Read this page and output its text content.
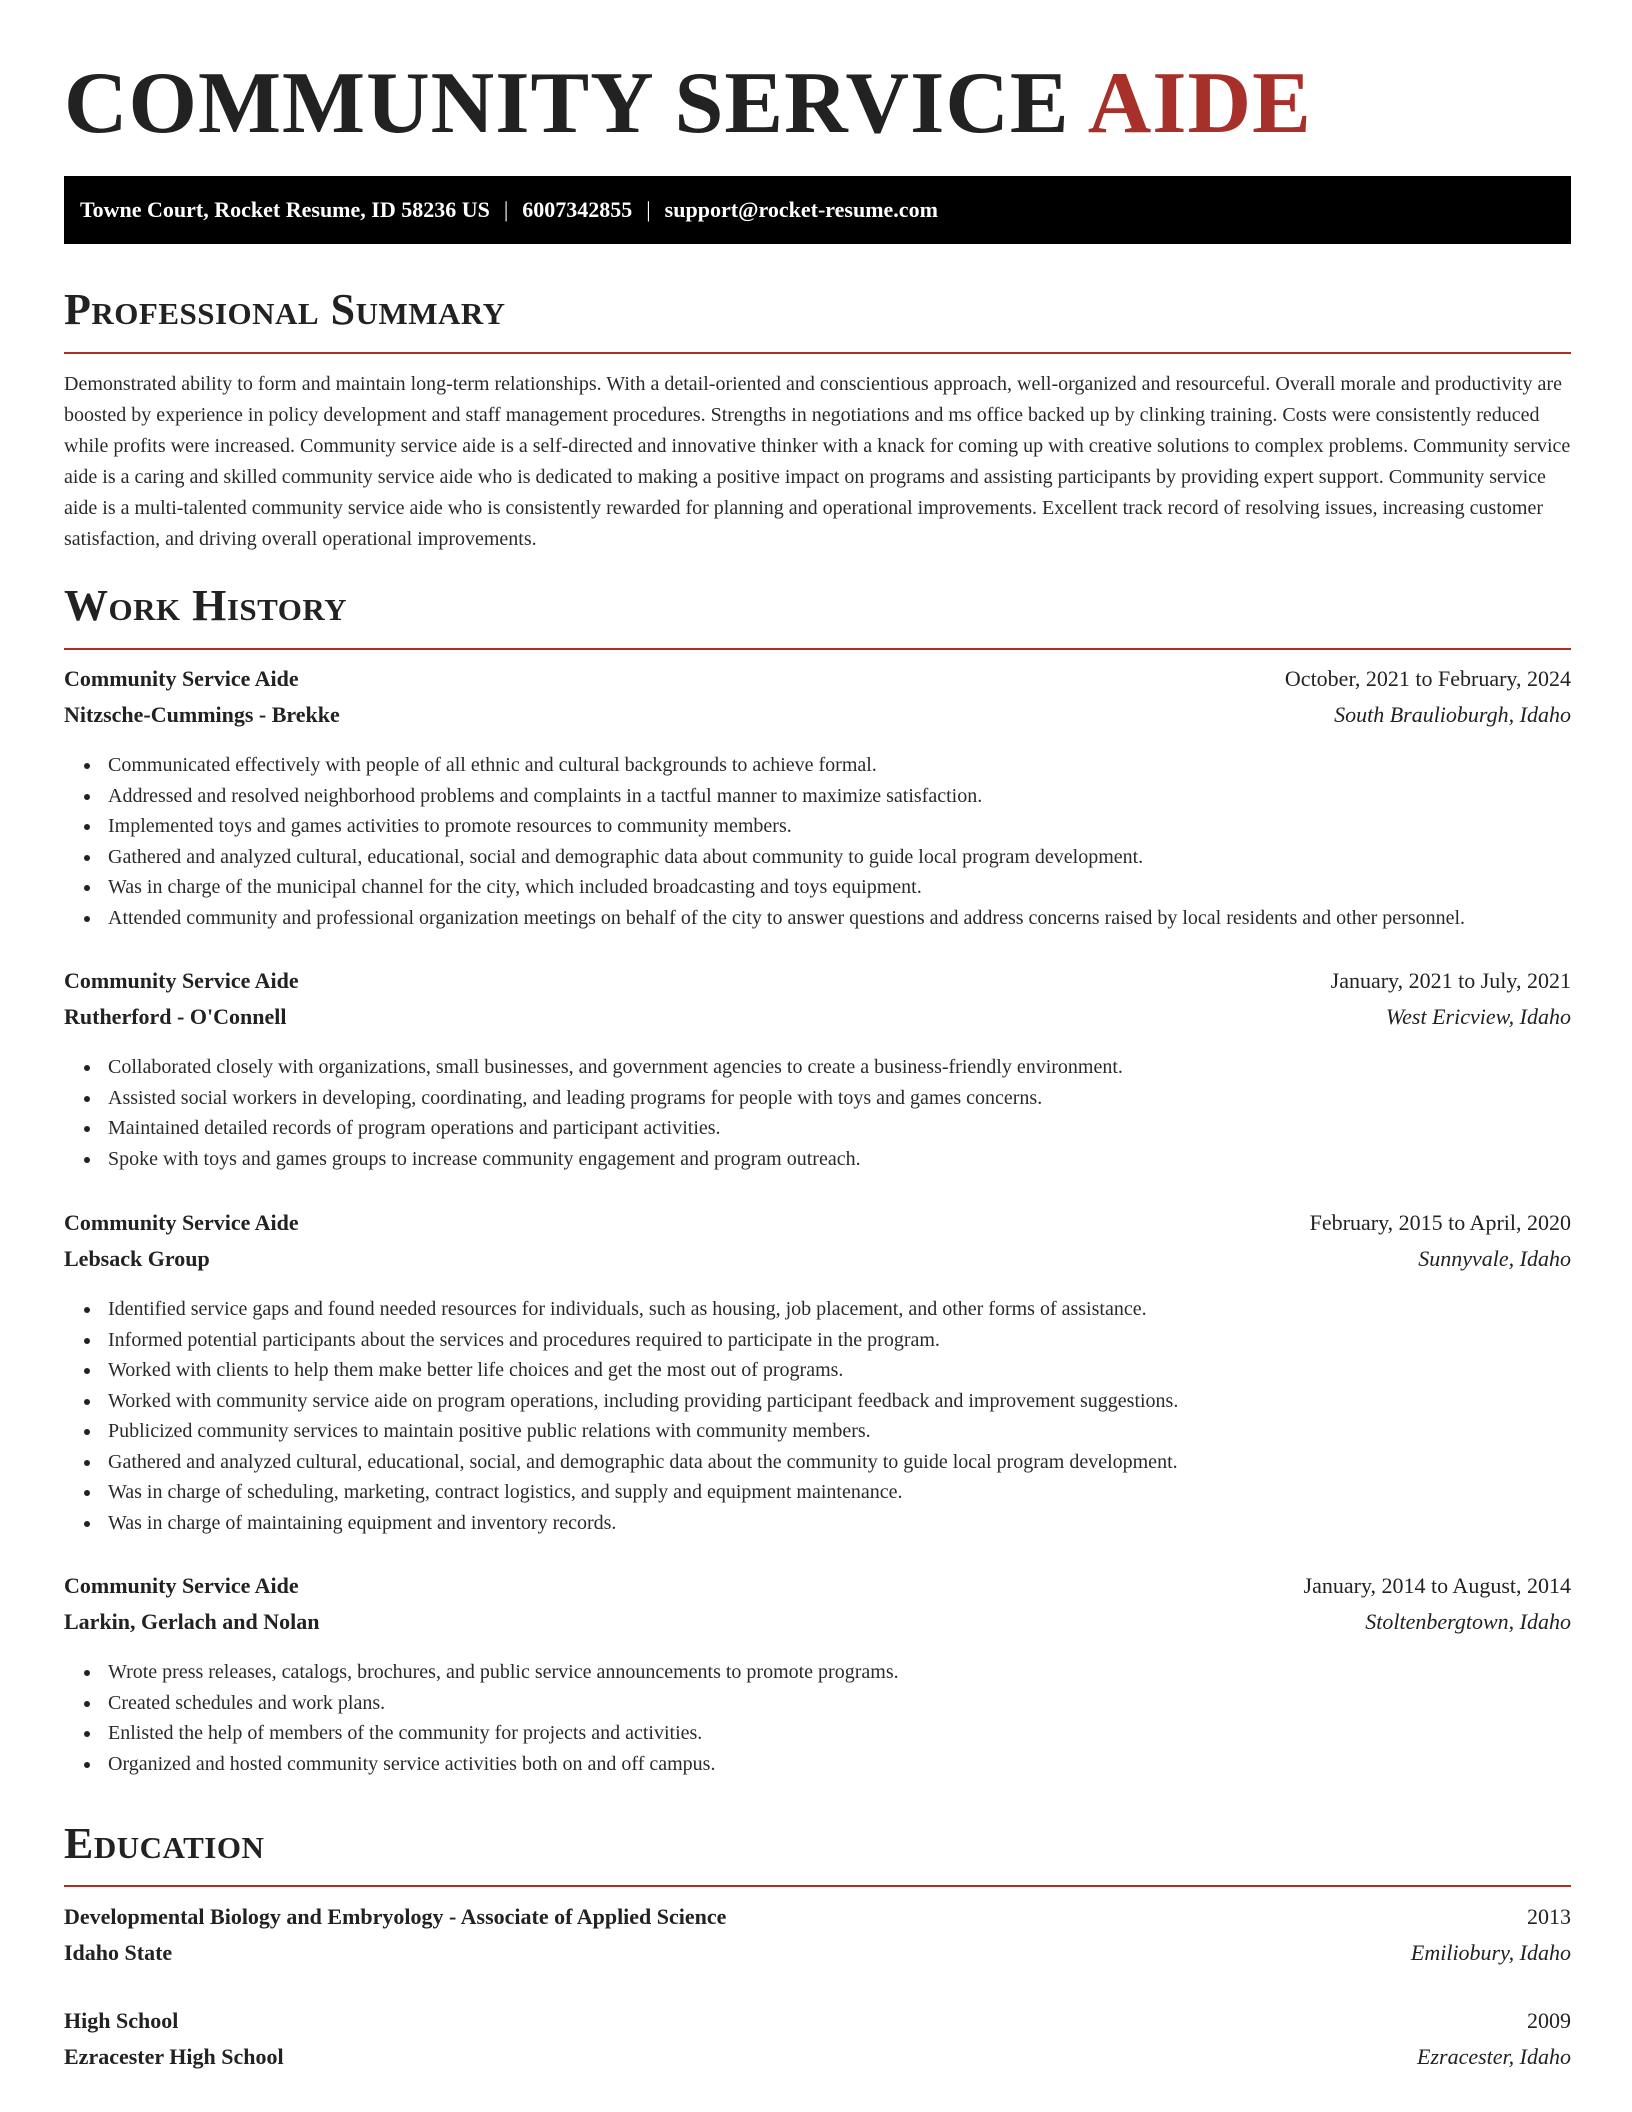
COMMUNITY SERVICE AIDE
Towne Court, Rocket Resume, ID 58236 US | 6007342855 | support@rocket-resume.com
Professional Summary

Demonstrated ability to form and maintain long-term relationships. With a detail-oriented and conscientious approach, well-organized and resourceful. Overall morale and productivity are boosted by experience in policy development and staff management procedures. Strengths in negotiations and ms office backed up by clinking training. Costs were consistently reduced while profits were increased. Community service aide is a self-directed and innovative thinker with a knack for coming up with creative solutions to complex problems. Community service aide is a caring and skilled community service aide who is dedicated to making a positive impact on programs and assisting participants by providing expert support. Community service aide is a multi-talented community service aide who is consistently rewarded for planning and operational improvements. Excellent track record of resolving issues, increasing customer satisfaction, and driving overall operational improvements.

Work History
Community Service Aide	October, 2021 to February, 2024
Nitzsche-Cummings - Brekke	South Braulioburgh, Idaho
Communicated effectively with people of all ethnic and cultural backgrounds to achieve formal.
Addressed and resolved neighborhood problems and complaints in a tactful manner to maximize satisfaction.
Implemented toys and games activities to promote resources to community members.
Gathered and analyzed cultural, educational, social and demographic data about community to guide local program development.
Was in charge of the municipal channel for the city, which included broadcasting and toys equipment.
Attended community and professional organization meetings on behalf of the city to answer questions and address concerns raised by local residents and other personnel.
Community Service Aide	January, 2021 to July, 2021
Rutherford - O'Connell	West Ericview, Idaho
Collaborated closely with organizations, small businesses, and government agencies to create a business-friendly environment.
Assisted social workers in developing, coordinating, and leading programs for people with toys and games concerns.
Maintained detailed records of program operations and participant activities.
Spoke with toys and games groups to increase community engagement and program outreach.
Community Service Aide	February, 2015 to April, 2020
Lebsack Group	Sunnyvale, Idaho
Identified service gaps and found needed resources for individuals, such as housing, job placement, and other forms of assistance.
Informed potential participants about the services and procedures required to participate in the program.
Worked with clients to help them make better life choices and get the most out of programs.
Worked with community service aide on program operations, including providing participant feedback and improvement suggestions.
Publicized community services to maintain positive public relations with community members.
Gathered and analyzed cultural, educational, social, and demographic data about the community to guide local program development.
Was in charge of scheduling, marketing, contract logistics, and supply and equipment maintenance.
Was in charge of maintaining equipment and inventory records.
Community Service Aide	January, 2014 to August, 2014
Larkin, Gerlach and Nolan	Stoltenbergtown, Idaho
Wrote press releases, catalogs, brochures, and public service announcements to promote programs.
Created schedules and work plans.
Enlisted the help of members of the community for projects and activities.
Organized and hosted community service activities both on and off campus.
Education
Developmental Biology and Embryology - Associate of Applied Science	2013
Idaho State	Emiliobury, Idaho
High School	2009
Ezracester High School	Ezracester, Idaho
